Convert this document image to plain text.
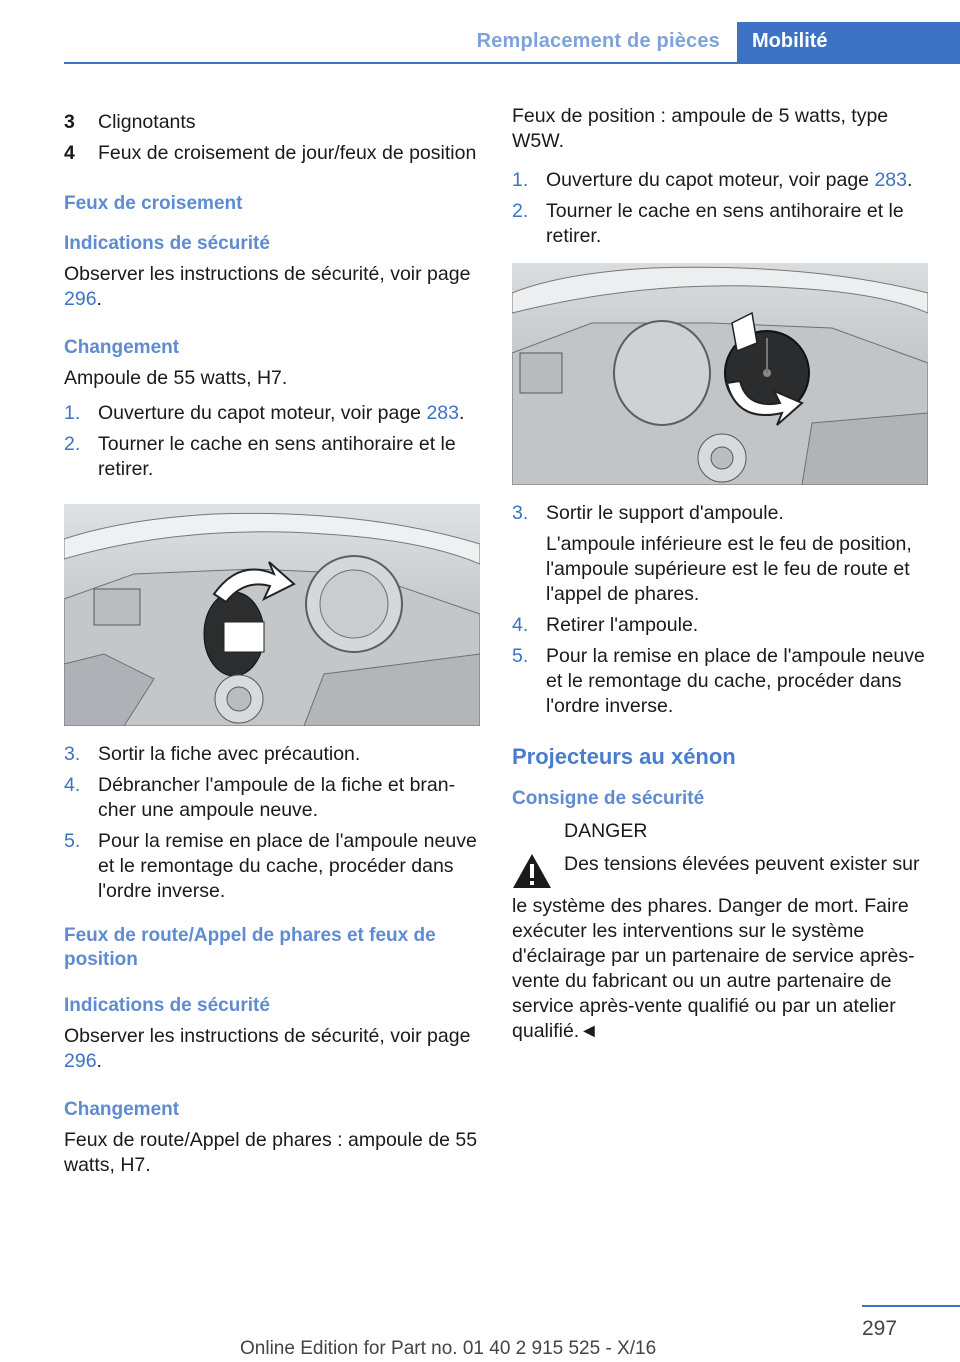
Remplacement de pièces	Mobilité
3	Clignotants
4	Feux de croisement de jour/feux de position
Feux de croisement
Indications de sécurité

Observer les instructions de sécurité, voir page 296.

Changement

Ampoule de 55 watts, H7.

1. Ouverture du capot moteur, voir page 283.
2. Tourner le cache en sens antihoraire et le retirer.
3. Sortir la fiche avec précaution.
4. Débrancher l'ampoule de la fiche et brancher une ampoule neuve.
5. Pour la remise en place de l'ampoule neuve et le remontage du cache, procéder dans l'ordre inverse.
Feux de route/Appel de phares et feux de position
Indications de sécurité

Observer les instructions de sécurité, voir page 296.

Changement

Feux de route/Appel de phares : ampoule de 55 watts, H7.

Feux de position : ampoule de 5 watts, type W5W.

1. Ouverture du capot moteur, voir page 283.
2. Tourner le cache en sens antihoraire et le retirer.
3. Sortir le support d'ampoule.
L'ampoule inférieure est le feu de position, l'ampoule supérieure est le feu de route et l'appel de phares.
4. Retirer l'ampoule.
5. Pour la remise en place de l'ampoule neuve et le remontage du cache, procéder dans l'ordre inverse.
Projecteurs au xénon
Consigne de sécurité
DANGER
Des tensions élevées peuvent exister sur
le système des phares. Danger de mort. Faire exécuter les interventions sur le système d'éclairage par un partenaire de service après-vente du fabricant ou un autre partenaire de service après-vente qualifié ou par un atelier qualifié.◄
297
Online Edition for Part no. 01 40 2 915 525 - X/16
